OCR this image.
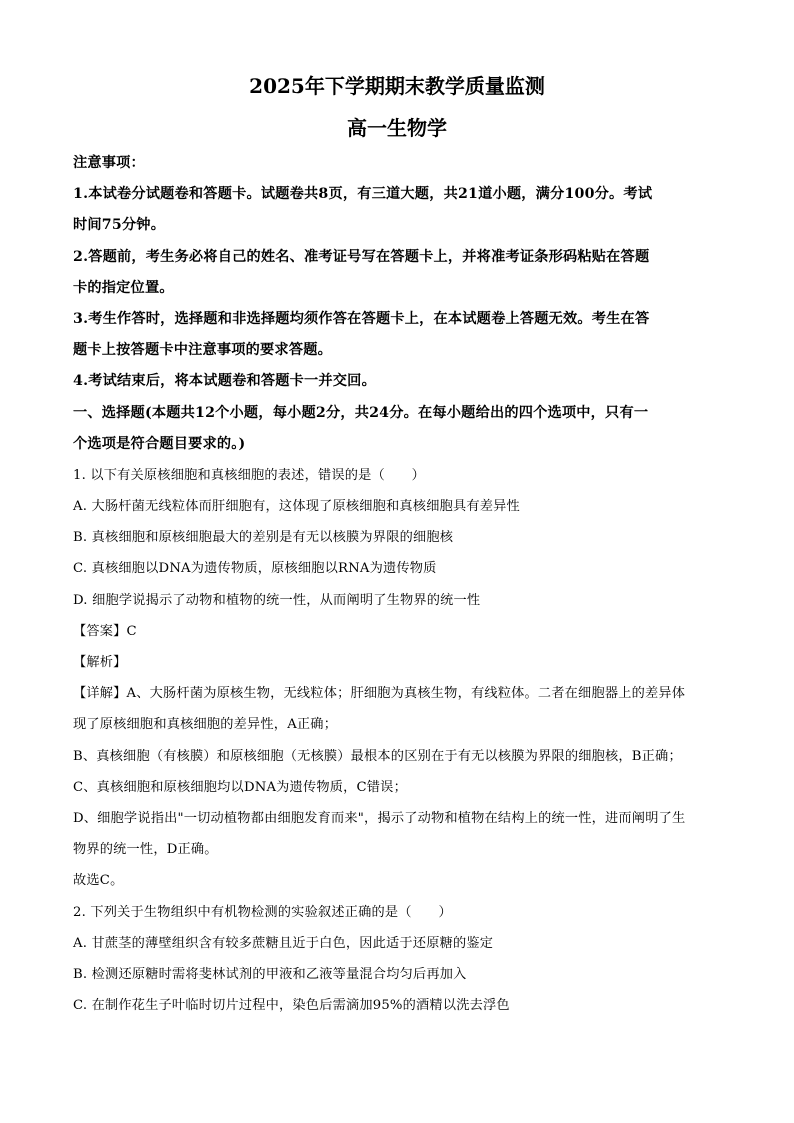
2025年下学期期末教学质量监测
高一生物学
注意事项：
1.本试卷分试题卷和答题卡。试题卷共8页，有三道大题，共21道小题，满分100分。考试
时间75分钟。
2.答题前，考生务必将自己的姓名、准考证号写在答题卡上，并将准考证条形码粘贴在答题
卡的指定位置。
3.考生作答时，选择题和非选择题均须作答在答题卡上，在本试题卷上答题无效。考生在答
题卡上按答题卡中注意事项的要求答题。
4.考试结束后，将本试题卷和答题卡一并交回。
一、选择题(本题共12个小题，每小题2分，共24分。在每小题给出的四个选项中，只有一
个选项是符合题目要求的。)
1. 以下有关原核细胞和真核细胞的表述，错误的是（　　）
A. 大肠杆菌无线粒体而肝细胞有，这体现了原核细胞和真核细胞具有差异性
B. 真核细胞和原核细胞最大的差别是有无以核膜为界限的细胞核
C. 真核细胞以DNA为遗传物质，原核细胞以RNA为遗传物质
D. 细胞学说揭示了动物和植物的统一性，从而阐明了生物界的统一性
【答案】C
【解析】
【详解】A、大肠杆菌为原核生物，无线粒体；肝细胞为真核生物，有线粒体。二者在细胞器上的差异体
现了原核细胞和真核细胞的差异性，A正确；
B、真核细胞（有核膜）和原核细胞（无核膜）最根本的区别在于有无以核膜为界限的细胞核，B正确；
C、真核细胞和原核细胞均以DNA为遗传物质，C错误；
D、细胞学说指出"一切动植物都由细胞发育而来"，揭示了动物和植物在结构上的统一性，进而阐明了生
物界的统一性，D正确。
故选C。
2. 下列关于生物组织中有机物检测的实验叙述正确的是（　　）
A. 甘蔗茎的薄壁组织含有较多蔗糖且近于白色，因此适于还原糖的鉴定
B. 检测还原糖时需将斐林试剂的甲液和乙液等量混合均匀后再加入
C. 在制作花生子叶临时切片过程中，染色后需滴加95%的酒精以洗去浮色
